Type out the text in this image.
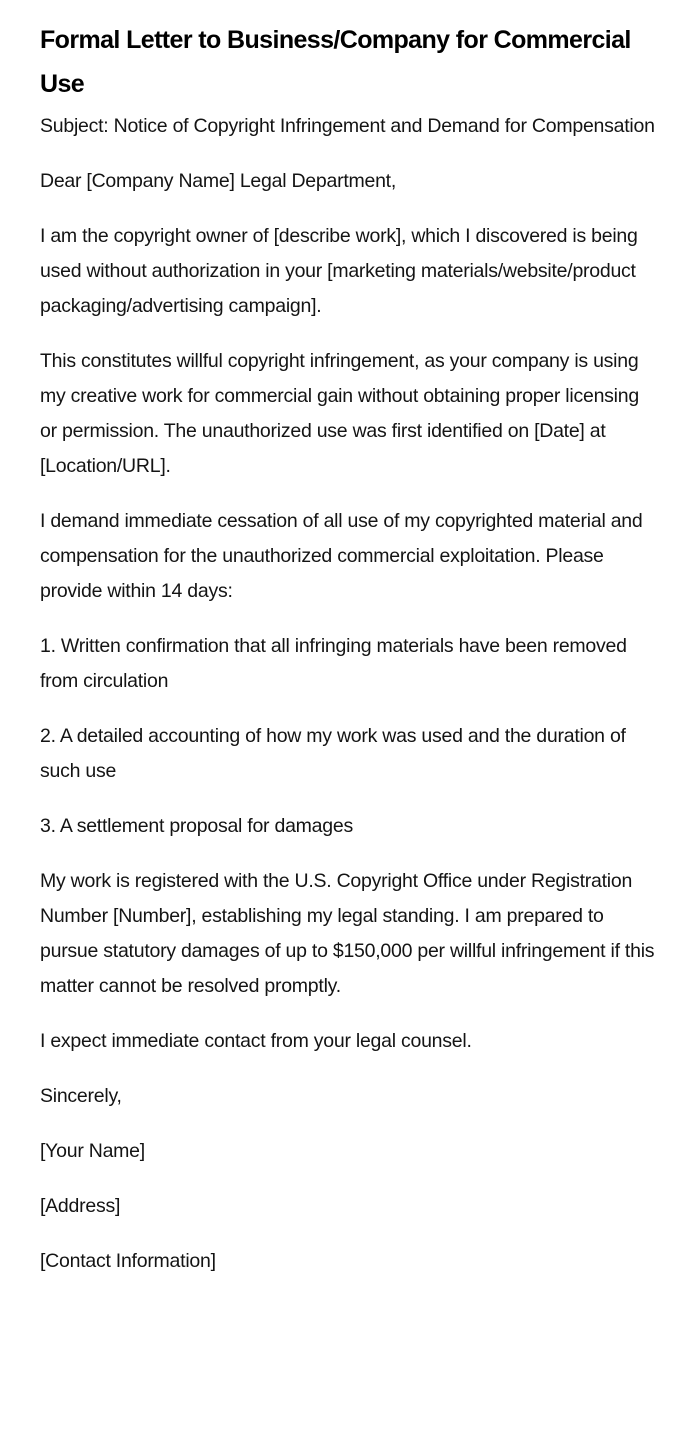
Formal Letter to Business/Company for Commercial Use

Subject: Notice of Copyright Infringement and Demand for Compensation

Dear [Company Name] Legal Department,

I am the copyright owner of [describe work], which I discovered is being used without authorization in your [marketing materials/website/product packaging/advertising campaign].

This constitutes willful copyright infringement, as your company is using my creative work for commercial gain without obtaining proper licensing or permission. The unauthorized use was first identified on [Date] at [Location/URL].

I demand immediate cessation of all use of my copyrighted material and compensation for the unauthorized commercial exploitation. Please provide within 14 days:

1. Written confirmation that all infringing materials have been removed from circulation

2. A detailed accounting of how my work was used and the duration of such use

3. A settlement proposal for damages

My work is registered with the U.S. Copyright Office under Registration Number [Number], establishing my legal standing. I am prepared to pursue statutory damages of up to $150,000 per willful infringement if this matter cannot be resolved promptly.

I expect immediate contact from your legal counsel.

Sincerely,

[Your Name]

[Address]

[Contact Information]
